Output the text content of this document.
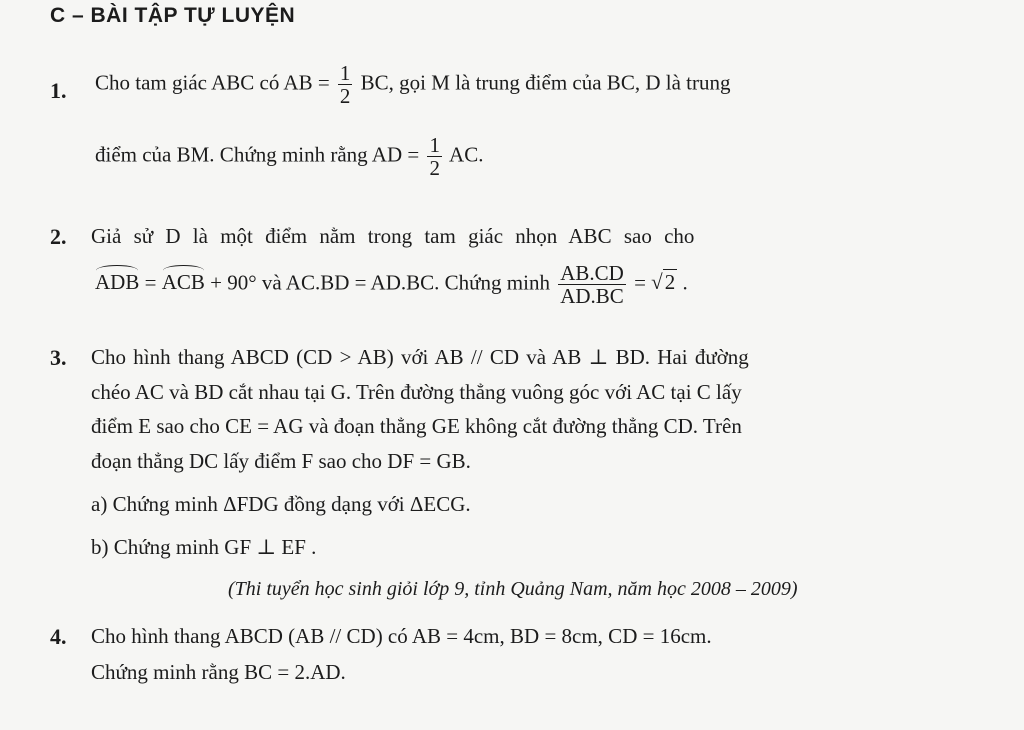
C – BÀI TẬP TỰ LUYỆN
1. Cho tam giác ABC có AB = $\frac{1}{2}$ BC, gọi M là trung điểm của BC, D là trung
điểm của BM. Chứng minh rằng AD = $\frac{1}{2}$ AC.
2. Giả sử D là một điểm nằm trong tam giác nhọn ABC sao cho
ADB = ACB + 90° và AC.BD = AD.BC. Chứng minh $\frac{AB.CD}{AD.BC} = √2$ .
3. Cho hình thang ABCD (CD > AB) với AB // CD và AB ⊥ BD. Hai đường
chéo AC và BD cắt nhau tại G. Trên đường thẳng vuông góc với AC tại C lấy
điểm E sao cho CE = AG và đoạn thẳng GE không cắt đường thẳng CD. Trên
đoạn thẳng DC lấy điểm F sao cho DF = GB.
a) Chứng minh ΔFDG đồng dạng với ΔECG.
b) Chứng minh GF ⊥ EF .
(Thi tuyển học sinh giỏi lớp 9, tỉnh Quảng Nam, năm học 2008 – 2009)
4. Cho hình thang ABCD (AB // CD) có AB = 4cm, BD = 8cm, CD = 16cm.
Chứng minh rằng BC = 2.AD.
